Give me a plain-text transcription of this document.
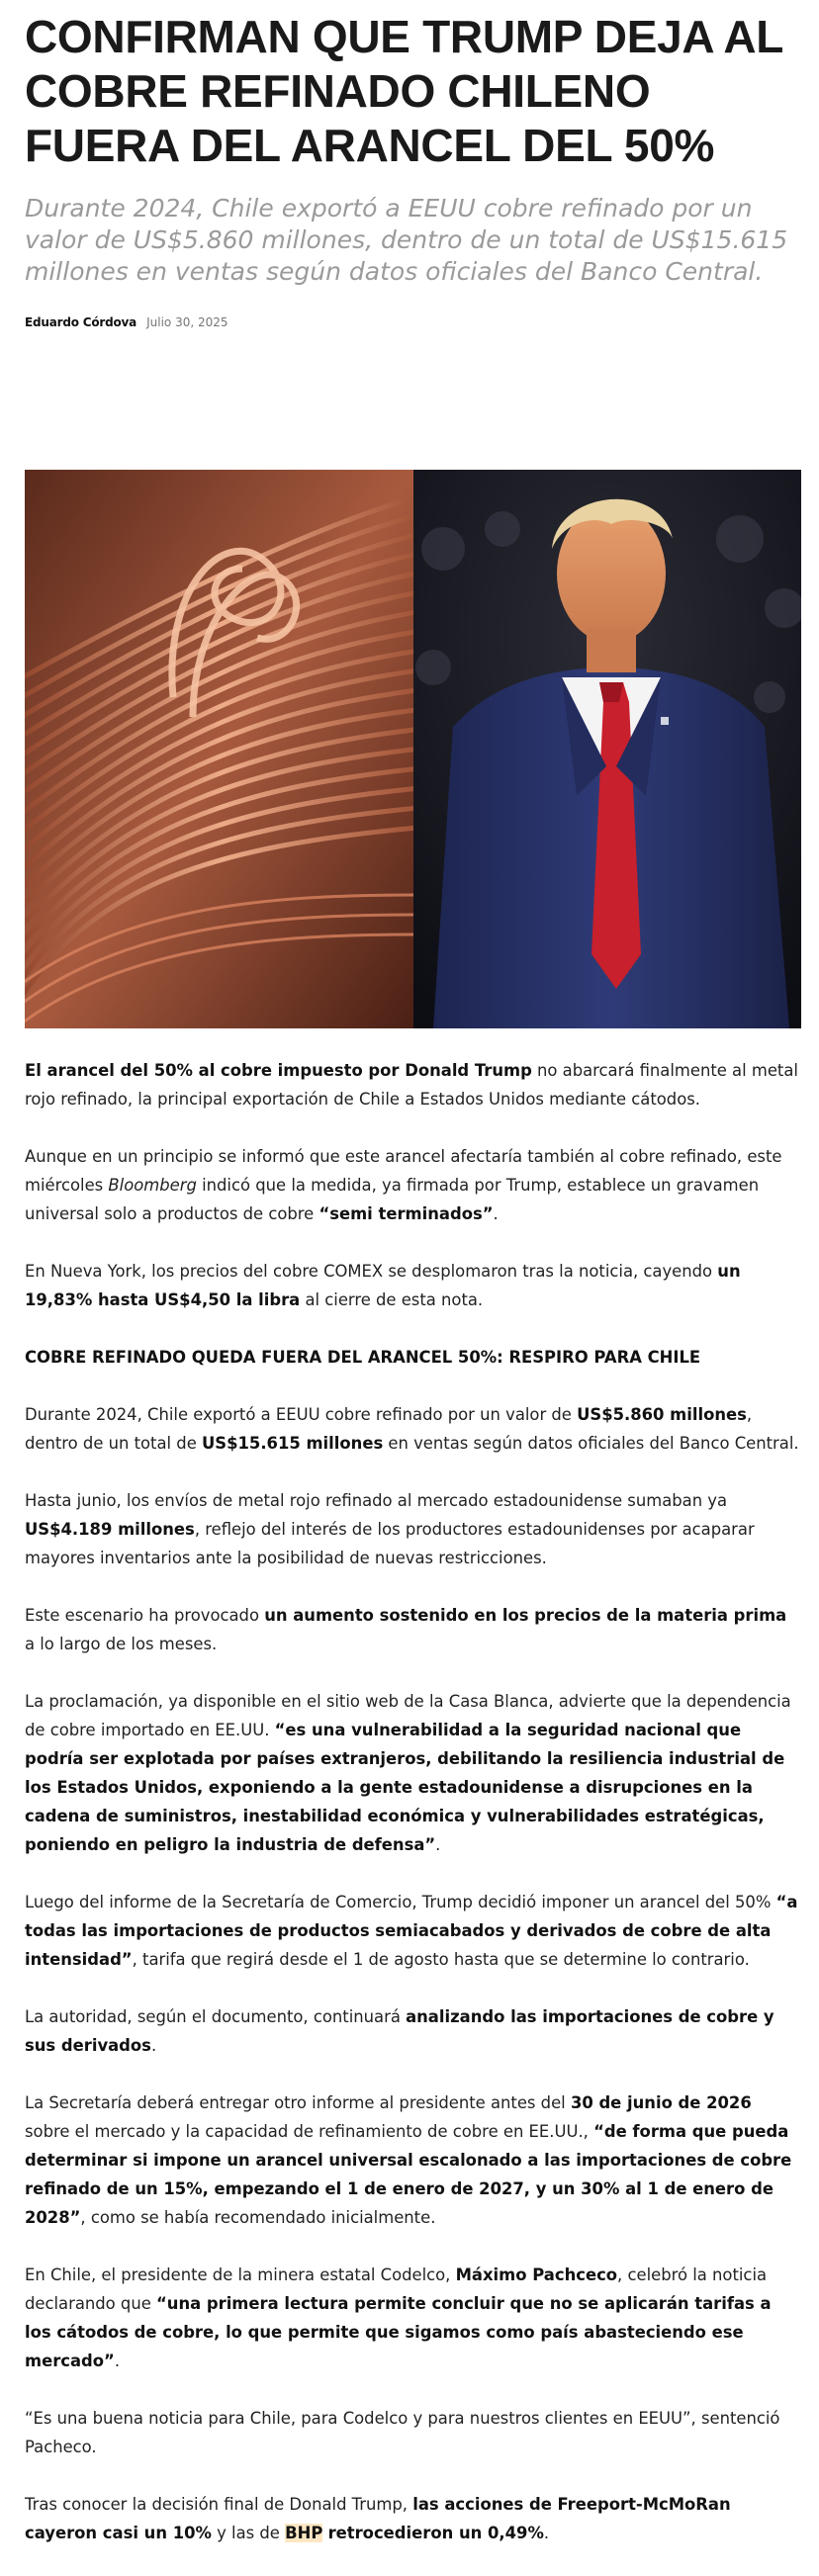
CONFIRMAN QUE TRUMP DEJA AL COBRE REFINADO CHILENO FUERA DEL ARANCEL DEL 50%
Durante 2024, Chile exportó a EEUU cobre refinado por un valor de US$5.860 millones, dentro de un total de US$15.615 millones en ventas según datos oficiales del Banco Central.
Eduardo Córdova Julio 30, 2025

El arancel del 50% al cobre impuesto por Donald Trump no abarcará finalmente al metal rojo refinado, la principal exportación de Chile a Estados Unidos mediante cátodos.

Aunque en un principio se informó que este arancel afectaría también al cobre refinado, este miércoles Bloomberg indicó que la medida, ya firmada por Trump, establece un gravamen universal solo a productos de cobre “semi terminados”.

En Nueva York, los precios del cobre COMEX se desplomaron tras la noticia, cayendo un 19,83% hasta US$4,50 la libra al cierre de esta nota.

COBRE REFINADO QUEDA FUERA DEL ARANCEL 50%: RESPIRO PARA CHILE

Durante 2024, Chile exportó a EEUU cobre refinado por un valor de US$5.860 millones, dentro de un total de US$15.615 millones en ventas según datos oficiales del Banco Central.

Hasta junio, los envíos de metal rojo refinado al mercado estadounidense sumaban ya US$4.189 millones, reflejo del interés de los productores estadounidenses por acaparar mayores inventarios ante la posibilidad de nuevas restricciones.

Este escenario ha provocado un aumento sostenido en los precios de la materia prima a lo largo de los meses.

La proclamación, ya disponible en el sitio web de la Casa Blanca, advierte que la dependencia de cobre importado en EE.UU. “es una vulnerabilidad a la seguridad nacional que podría ser explotada por países extranjeros, debilitando la resiliencia industrial de los Estados Unidos, exponiendo a la gente estadounidense a disrupciones en la cadena de suministros, inestabilidad económica y vulnerabilidades estratégicas, poniendo en peligro la industria de defensa”.

Luego del informe de la Secretaría de Comercio, Trump decidió imponer un arancel del 50% “a todas las importaciones de productos semiacabados y derivados de cobre de alta intensidad”, tarifa que regirá desde el 1 de agosto hasta que se determine lo contrario.

La autoridad, según el documento, continuará analizando las importaciones de cobre y sus derivados.

La Secretaría deberá entregar otro informe al presidente antes del 30 de junio de 2026 sobre el mercado y la capacidad de refinamiento de cobre en EE.UU., “de forma que pueda determinar si impone un arancel universal escalonado a las importaciones de cobre refinado de un 15%, empezando el 1 de enero de 2027, y un 30% al 1 de enero de 2028”, como se había recomendado inicialmente.

En Chile, el presidente de la minera estatal Codelco, Máximo Pachceco, celebró la noticia declarando que “una primera lectura permite concluir que no se aplicarán tarifas a los cátodos de cobre, lo que permite que sigamos como país abasteciendo ese mercado”.

“Es una buena noticia para Chile, para Codelco y para nuestros clientes en EEUU”, sentenció Pacheco.

Tras conocer la decisión final de Donald Trump, las acciones de Freeport-McMoRan cayeron casi un 10% y las de BHP retrocedieron un 0,49%.
